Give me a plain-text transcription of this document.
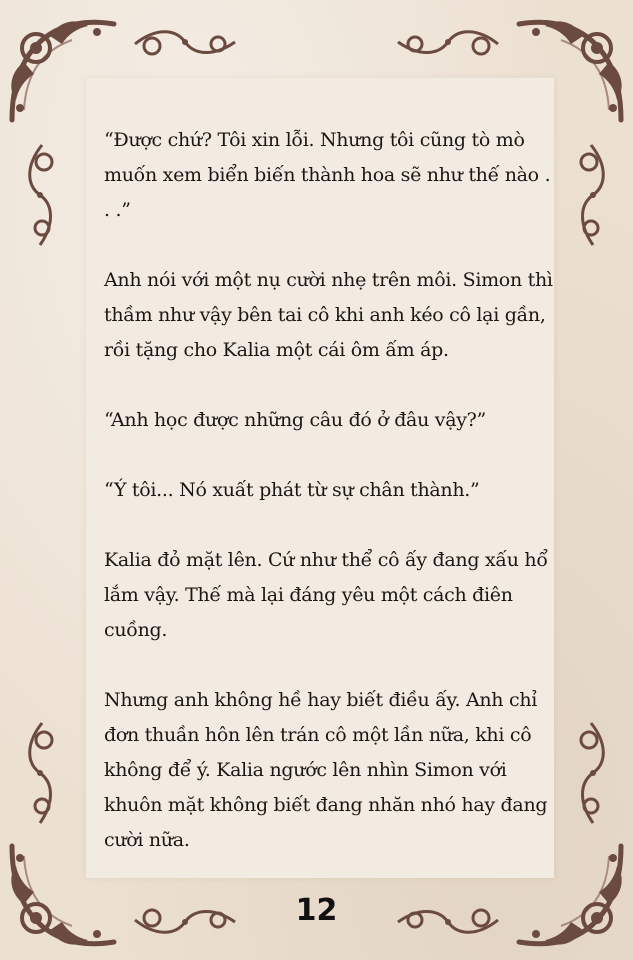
“Được chứ? Tôi xin lỗi. Nhưng tôi cũng tò mò muốn xem biển biến thành hoa sẽ như thế nào . . .”

Anh nói với một nụ cười nhẹ trên môi. Simon thì thầm như vậy bên tai cô khi anh kéo cô lại gần, rồi tặng cho Kalia một cái ôm ấm áp.

“Anh học được những câu đó ở đâu vậy?”

“Ý tôi... Nó xuất phát từ sự chân thành.”

Kalia đỏ mặt lên. Cứ như thể cô ấy đang xấu hổ lắm vậy. Thế mà lại đáng yêu một cách điên cuồng.

Nhưng anh không hề hay biết điều ấy. Anh chỉ đơn thuần hôn lên trán cô một lần nữa, khi cô không để ý. Kalia ngước lên nhìn Simon với khuôn mặt không biết đang nhăn nhó hay đang cười nữa.

12
